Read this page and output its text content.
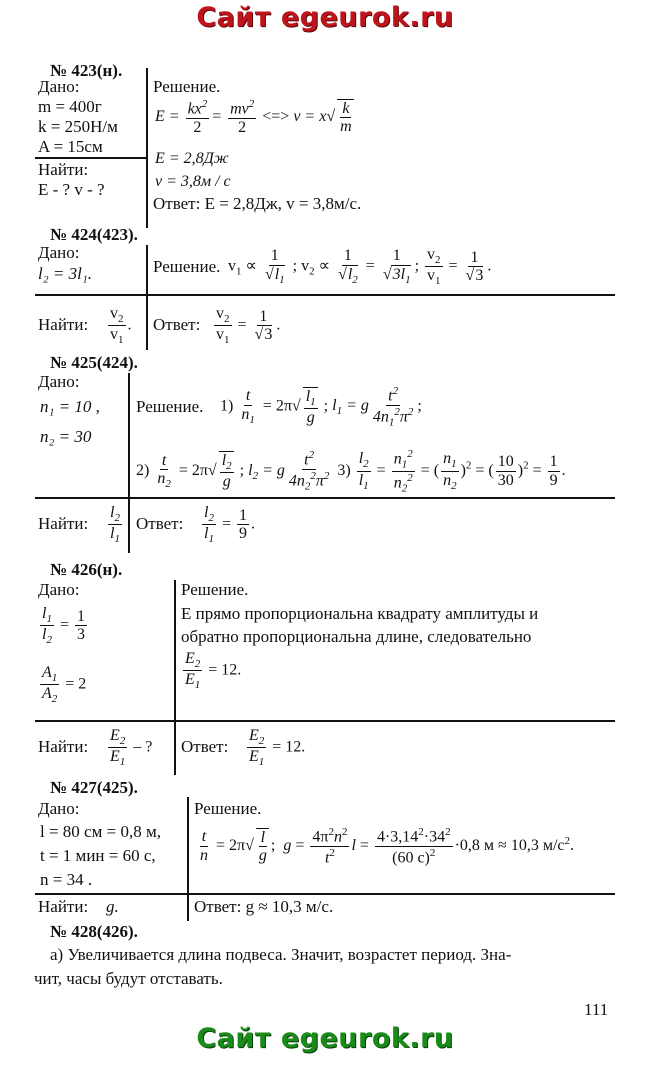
Сайт egeurok.ru
Сайт egeurok.ru
№ 423(н).
Дано:
m = 400г
k = 250Н/м
A = 15см
Найти:
E - ? v - ?
Решение.
$E = \frac{kx^2}{2} = \frac{mv^2}{2}$ <=> v = x √ $\frac{k}{m}$
E = 2,8Дж
v = 3,8м / с
Ответ: E = 2,8Дж, v = 3,8м/с.
№ 424(423).
Дано:
l₂ = 3l₁.	Решение. $v_1 \propto \frac{1}{√l_1}$ ; $v_2 \propto \frac{1}{√l_2} = \frac{1}{√3l_1}$ ; $\frac{v_2}{v_1} = \frac{1}{√3}$ .
Найти: $\frac{v_2}{v_1}$ . Ответ: $\frac{v_2}{v_1} = \frac{1}{√3}$ .
№ 425(424).
Дано:
n₁ = 10 ,
n₂ = 30
Решение. $1) \frac{t}{n_1} = 2\pi√ \frac{l_1}{g}$ ; $l_1 = g \frac{t^2}{4n_1^2\pi^2}$ ;
$2) \frac{t}{n_2} = 2\pi√ \frac{l_2}{g}$ ; $l_2 = g \frac{t^2}{4n_2^2\pi^2} 3) \frac{l_2}{l_1} = \frac{n_1^2}{n_2^2}$ = ( $\frac{n_1}{n_2} )^2$ = ( $\frac{10}{30} )^2 = \frac{1}{9}$ .
Найти: $\frac{l_2}{l_1}$ Ответ: $\frac{l_2}{l_1} = \frac{1}{9}$ .
№ 426(н).
Дано:
$\frac{l_1}{l_2} = \frac{1}{3}$
$\frac{A_1}{A_2} = 2$
Решение.
Е прямо пропорциональна квадрату амплитуды и
обратно пропорциональна длине, следовательно
$\frac{E_2}{E_1} = 12$.
Найти: $\frac{E_2}{E_1}$ – ? Ответ: $\frac{E_2}{E_1} = 12$.
№ 427(425).
Дано:
l = 80 см = 0,8 м,
t = 1 мин = 60 с,
n = 34 .
Решение.
$\frac{t}{n} = 2\pi√ \frac{l}{g}$ ;  $g = \frac{4\pi^2n^2}{t^2}$ $l = \frac{4\cdot 3,14^2\cdot 34^2}{(60 с)^2} \cdot 0,8$ м ≈ 10,3 $м/с^2$.
Найти: g.	Ответ: g ≈ 10,3 м/с.
№ 428(426).
а) Увеличивается длина подвеса. Значит, возрастет период. Зна-
чит, часы будут отставать.
111
